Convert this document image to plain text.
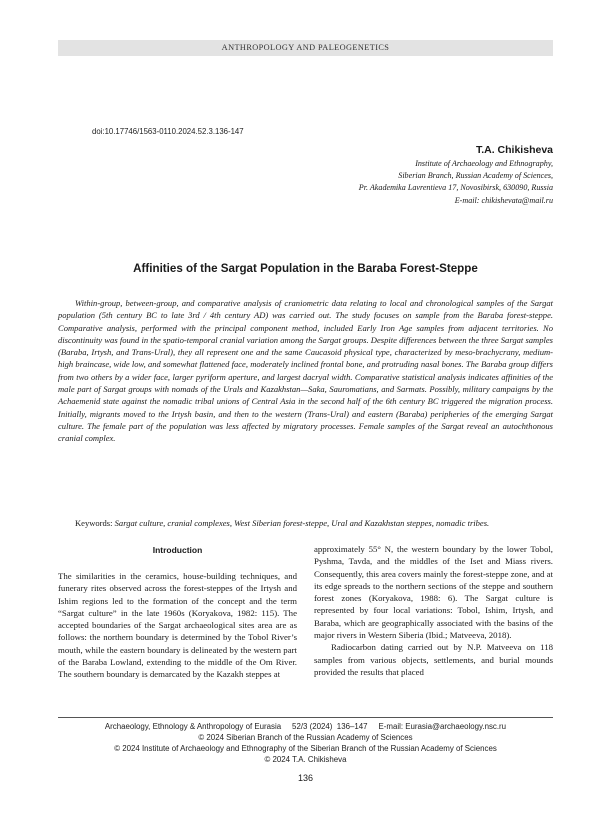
ANTHROPOLOGY AND PALEOGENETICS
doi:10.17746/1563-0110.2024.52.3.136-147
T.A. Chikisheva
Institute of Archaeology and Ethnography,
Siberian Branch, Russian Academy of Sciences,
Pr. Akademika Lavrentieva 17, Novosibirsk, 630090, Russia
E-mail: chikishevata@mail.ru
Affinities of the Sargat Population in the Baraba Forest-Steppe

Within-group, between-group, and comparative analysis of craniometric data relating to local and chronological samples of the Sargat population (5th century BC to late 3rd / 4th century AD) was carried out. The study focuses on sample from the Baraba forest-steppe. Comparative analysis, performed with the principal component method, included Early Iron Age samples from adjacent territories. No discontinuity was found in the spatio-temporal cranial variation among the Sargat groups. Despite differences between the three Sargat samples (Baraba, Irtysh, and Trans-Ural), they all represent one and the same Caucasoid physical type, characterized by meso-brachycrany, medium-high braincase, wide low, and somewhat flattened face, moderately inclined frontal bone, and protruding nasal bones. The Baraba group differs from two others by a wider face, larger pyriform aperture, and largest dacryal width. Comparative statistical analysis indicates affinities of the male part of Sargat groups with nomads of the Urals and Kazakhstan—Saka, Sauromatians, and Sarmats. Possibly, military campaigns by the Achaemenid state against the nomadic tribal unions of Central Asia in the second half of the 6th century BC triggered the migration process. Initially, migrants moved to the Irtysh basin, and then to the western (Trans-Ural) and eastern (Baraba) peripheries of the emerging Sargat culture. The female part of the population was less affected by migratory processes. Female samples of the Sargat reveal an autochthonous cranial complex.

Keywords: Sargat culture, cranial complexes, West Siberian forest-steppe, Ural and Kazakhstan steppes, nomadic tribes.

Introduction

The similarities in the ceramics, house-building techniques, and funerary rites observed across the forest-steppes of the Irtysh and Ishim regions led to the formation of the concept and the term “Sargat culture” in the late 1960s (Koryakova, 1982: 115). The accepted boundaries of the Sargat archaeological sites area are as follows: the northern boundary is determined by the Tobol River’s mouth, while the eastern boundary is delineated by the western part of the Baraba Lowland, extending to the middle of the Om River. The southern boundary is demarcated by the Kazakh steppes at

approximately 55° N, the western boundary by the lower Tobol, Pyshma, Tavda, and the middles of the Iset and Miass rivers. Consequently, this area covers mainly the forest-steppe zone, and at its edge spreads to the northern sections of the steppe and southern forest zones (Koryakova, 1988: 6). The Sargat culture is represented by four local variations: Tobol, Ishim, Irtysh, and Baraba, which are geographically associated with the basins of the major rivers in Western Siberia (Ibid.; Matveeva, 2018).

Radiocarbon dating carried out by N.P. Matveeva on 118 samples from various objects, settlements, and burial mounds provided the results that placed

Archaeology, Ethnology & Anthropology of Eurasia     52/3 (2024)  136–147     E-mail: Eurasia@archaeology.nsc.ru
© 2024 Siberian Branch of the Russian Academy of Sciences
© 2024 Institute of Archaeology and Ethnography of the Siberian Branch of the Russian Academy of Sciences
© 2024 T.A. Chikisheva
136
